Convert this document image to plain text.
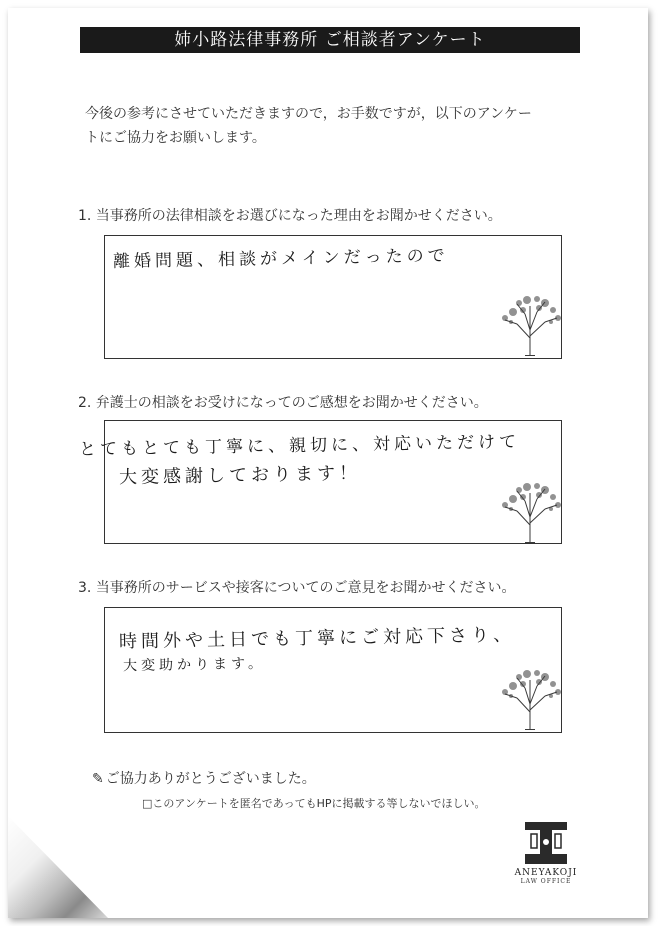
姉小路法律事務所 ご相談者アンケート
今後の参考にさせていただきますので，お手数ですが，以下のアンケー
トにご協力をお願いします。
1. 当事務所の法律相談をお選びになった理由をお聞かせください。
離婚問題、相談がメインだったので
2. 弁護士の相談をお受けになってのご感想をお聞かせください。
とてもとても丁寧に、親切に、対応いただけて
大変感謝しております！
3. 当事務所のサービスや接客についてのご意見をお聞かせください。
時間外や土日でも丁寧にご対応下さり、
大変助かります。
✎ ご協力ありがとうございました。
□このアンケートを匿名であってもHPに掲載する等しないでほしい。
ANEYAKOJI
LAW OFFICE
